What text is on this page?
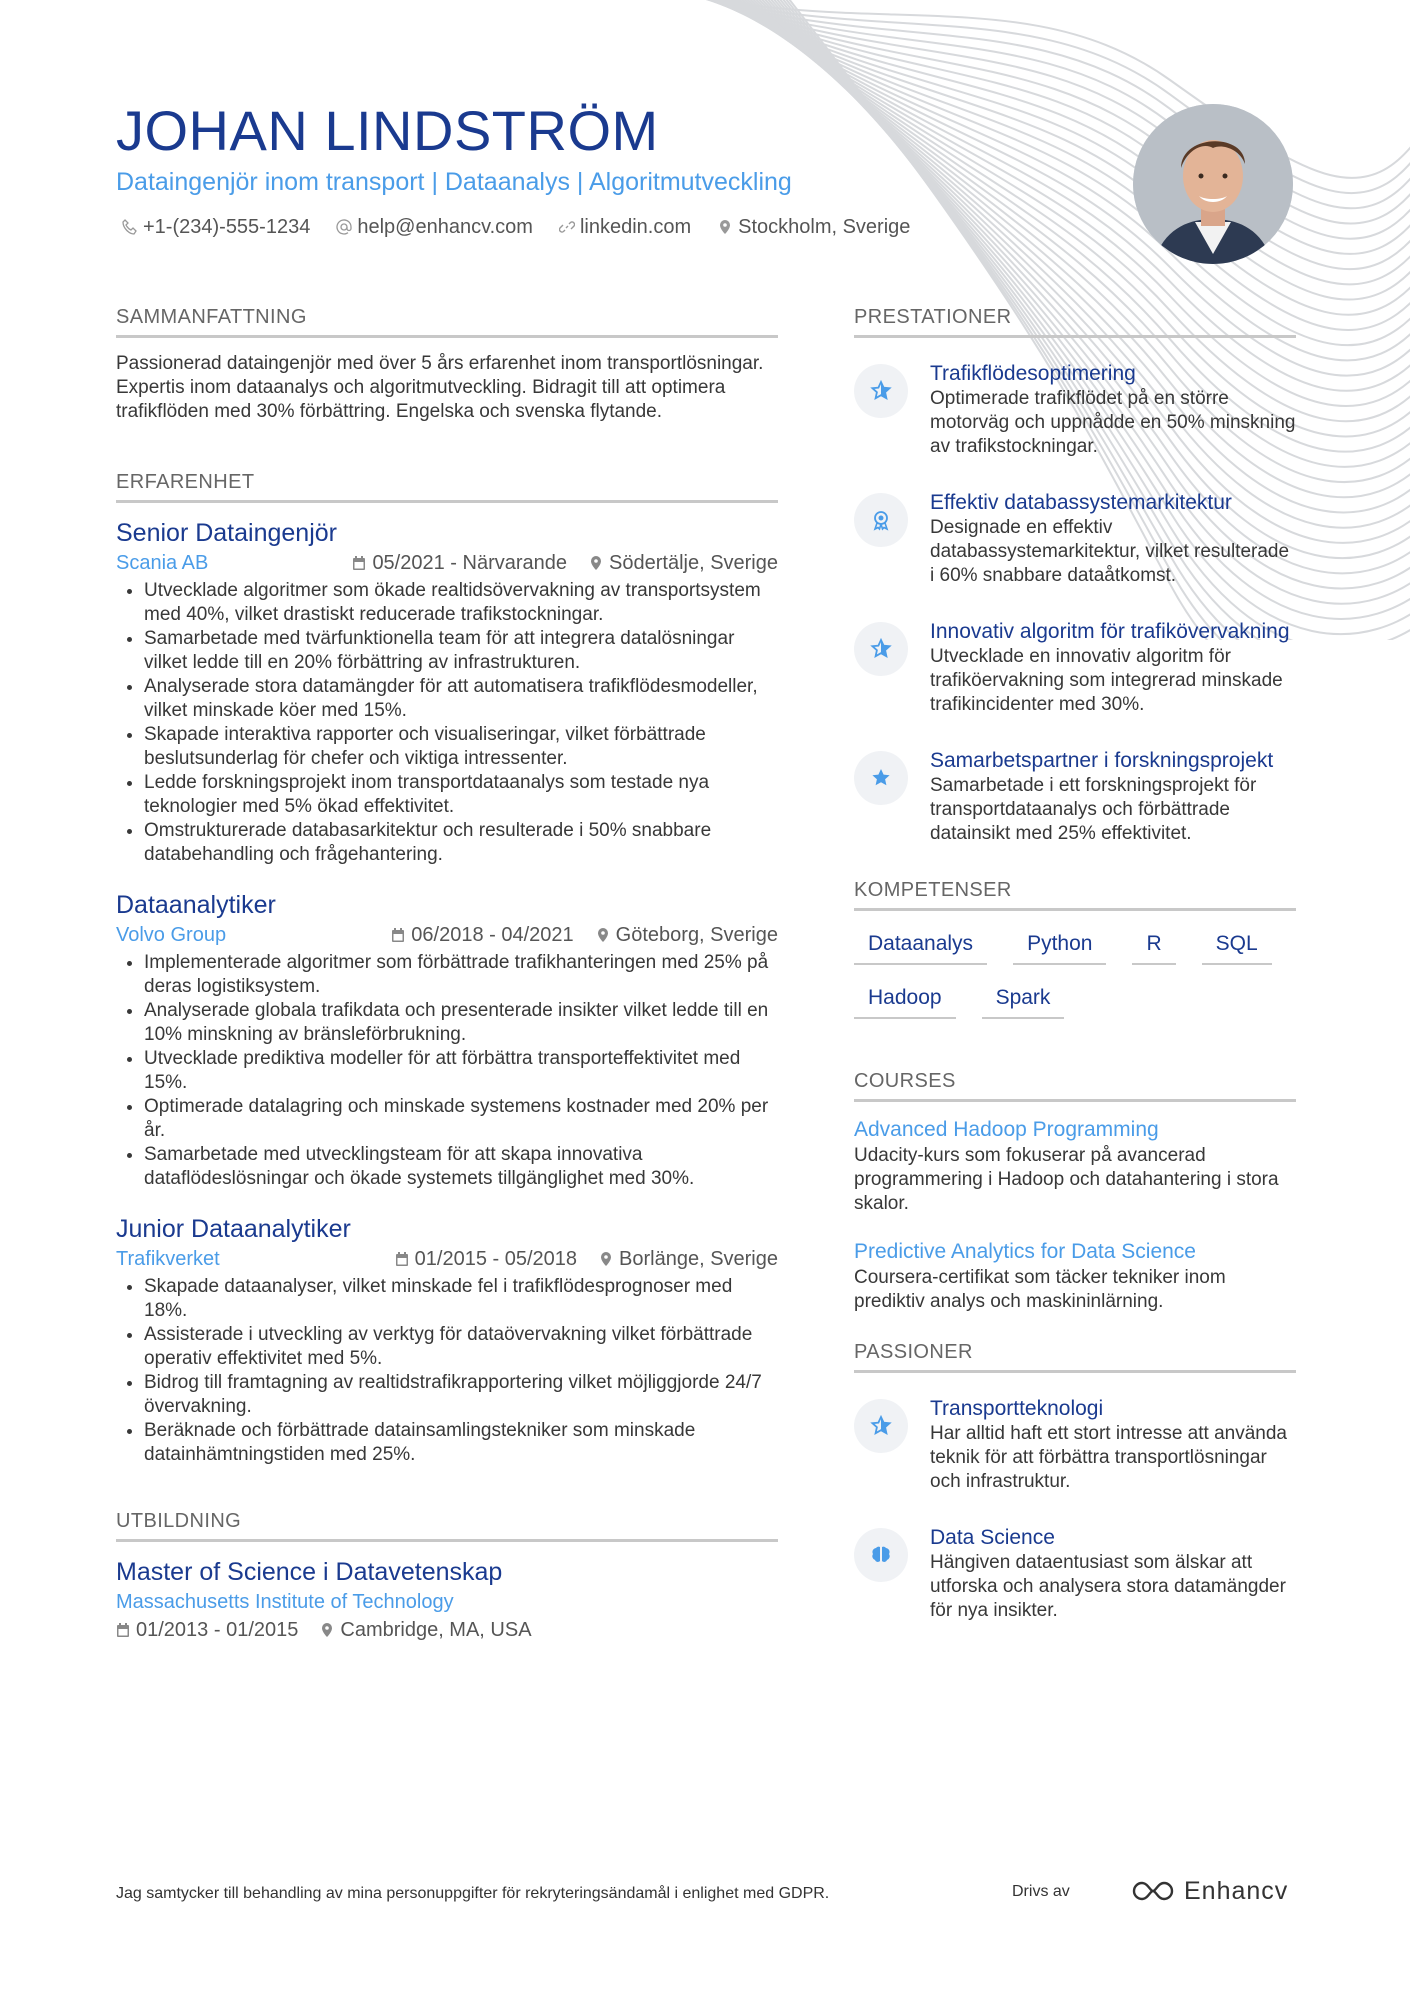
JOHAN LINDSTRÖM
Dataingenjör inom transport | Dataanalys | Algoritmutveckling
+1-(234)-555-1234 help@enhancv.com linkedin.com Stockholm, Sverige
SAMMANFATTNING

Passionerad dataingenjör med över 5 års erfarenhet inom transportlösningar. Expertis inom dataanalys och algoritmutveckling. Bidragit till att optimera trafikflöden med 30% förbättring. Engelska och svenska flytande.

ERFARENHET
Senior Dataingenjör
Scania AB	05/2021 - Närvarande Södertälje, Sverige
• Utvecklade algoritmer som ökade realtidsövervakning av transportsystem med 40%, vilket drastiskt reducerade trafikstockningar.
• Samarbetade med tvärfunktionella team för att integrera datalösningar vilket ledde till en 20% förbättring av infrastrukturen.
• Analyserade stora datamängder för att automatisera trafikflödesmodeller, vilket minskade köer med 15%.
• Skapade interaktiva rapporter och visualiseringar, vilket förbättrade beslutsunderlag för chefer och viktiga intressenter.
• Ledde forskningsprojekt inom transportdataanalys som testade nya teknologier med 5% ökad effektivitet.
• Omstrukturerade databasarkitektur och resulterade i 50% snabbare databehandling och frågehantering.
Dataanalytiker
Volvo Group	06/2018 - 04/2021 Göteborg, Sverige
• Implementerade algoritmer som förbättrade trafikhanteringen med 25% på deras logistiksystem.
• Analyserade globala trafikdata och presenterade insikter vilket ledde till en 10% minskning av bränsleförbrukning.
• Utvecklade prediktiva modeller för att förbättra transporteffektivitet med 15%.
• Optimerade datalagring och minskade systemens kostnader med 20% per år.
• Samarbetade med utvecklingsteam för att skapa innovativa dataflödeslösningar och ökade systemets tillgänglighet med 30%.
Junior Dataanalytiker
Trafikverket	01/2015 - 05/2018 Borlänge, Sverige
• Skapade dataanalyser, vilket minskade fel i trafikflödesprognoser med 18%.
• Assisterade i utveckling av verktyg för dataövervakning vilket förbättrade operativ effektivitet med 5%.
• Bidrog till framtagning av realtidstrafikrapportering vilket möjliggjorde 24/7 övervakning.
• Beräknade och förbättrade datainsamlingstekniker som minskade datainhämtningstiden med 25%.
UTBILDNING
Master of Science i Datavetenskap
Massachusetts Institute of Technology
01/2013 - 01/2015 Cambridge, MA, USA
PRESTATIONER
Trafikflödesoptimering
Optimerade trafikflödet på en större motorväg och uppnådde en 50% minskning av trafikstockningar.
Effektiv databassystemarkitektur
Designade en effektiv databassystemarkitektur, vilket resulterade i 60% snabbare dataåtkomst.
Innovativ algoritm för trafikövervakning
Utvecklade en innovativ algoritm för trafiköervakning som integrerad minskade trafikincidenter med 30%.
Samarbetspartner i forskningsprojekt
Samarbetade i ett forskningsprojekt för transportdataanalys och förbättrade datainsikt med 25% effektivitet.
KOMPETENSER
Dataanalys	Python	R	SQL
Hadoop	Spark
COURSES
Advanced Hadoop Programming
Udacity-kurs som fokuserar på avancerad programmering i Hadoop och datahantering i stora skalor.
Predictive Analytics for Data Science
Coursera-certifikat som täcker tekniker inom prediktiv analys och maskininlärning.
PASSIONER
Transportteknologi
Har alltid haft ett stort intresse att använda teknik för att förbättra transportlösningar och infrastruktur.
Data Science
Hängiven dataentusiast som älskar att utforska och analysera stora datamängder för nya insikter.
Jag samtycker till behandling av mina personuppgifter för rekryteringsändamål i enlighet med GDPR.	Drivs av	Enhancv
